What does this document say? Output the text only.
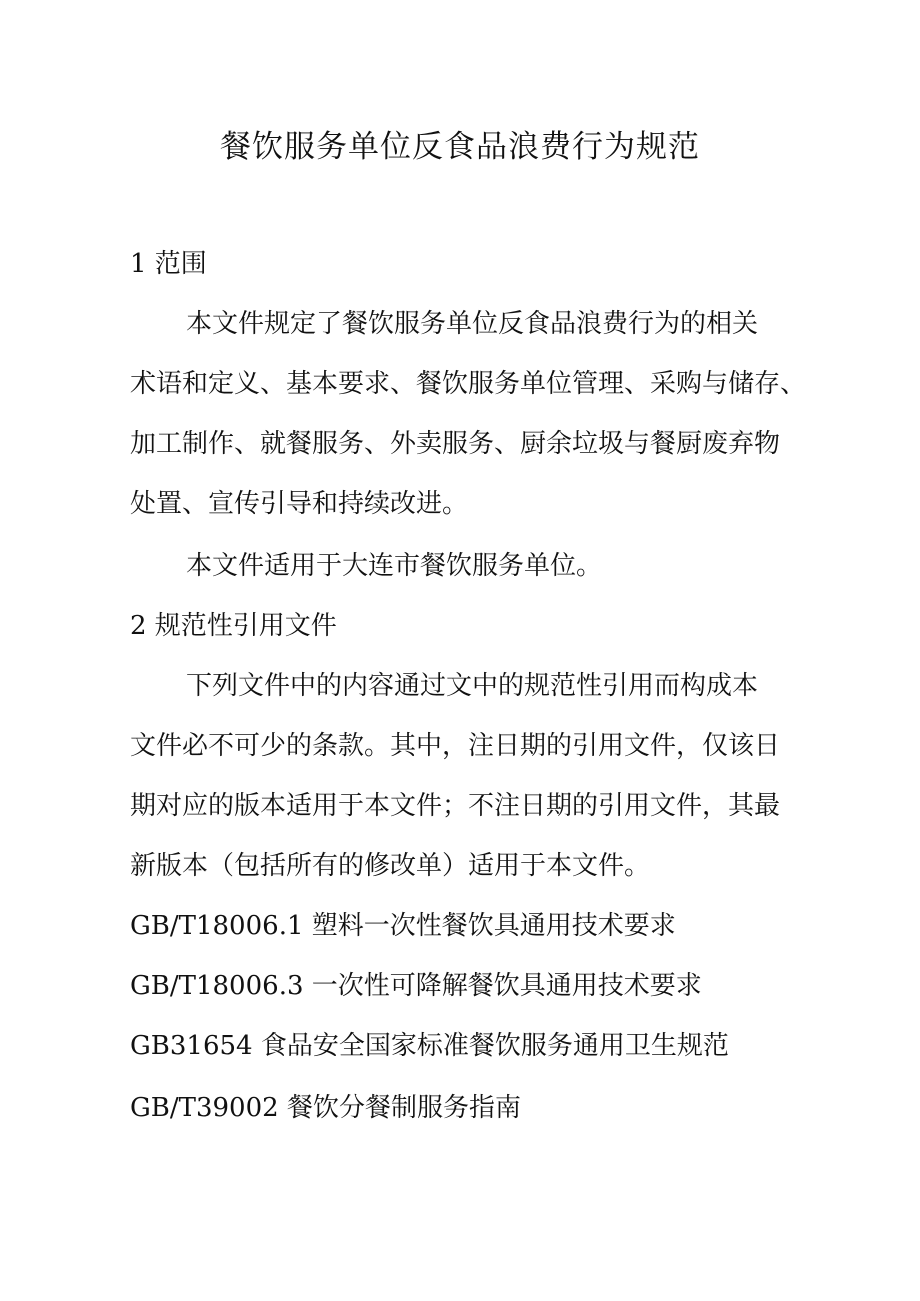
餐饮服务单位反食品浪费行为规范
1 范围
本文件规定了餐饮服务单位反食品浪费行为的相关
术语和定义、基本要求、餐饮服务单位管理、采购与储存、
加工制作、就餐服务、外卖服务、厨余垃圾与餐厨废弃物
处置、宣传引导和持续改进。
本文件适用于大连市餐饮服务单位。
2 规范性引用文件
下列文件中的内容通过文中的规范性引用而构成本
文件必不可少的条款。其中，注日期的引用文件，仅该日
期对应的版本适用于本文件；不注日期的引用文件，其最
新版本（包括所有的修改单）适用于本文件。
GB/T18006.1 塑料一次性餐饮具通用技术要求
GB/T18006.3 一次性可降解餐饮具通用技术要求
GB31654 食品安全国家标准餐饮服务通用卫生规范
GB/T39002 餐饮分餐制服务指南
